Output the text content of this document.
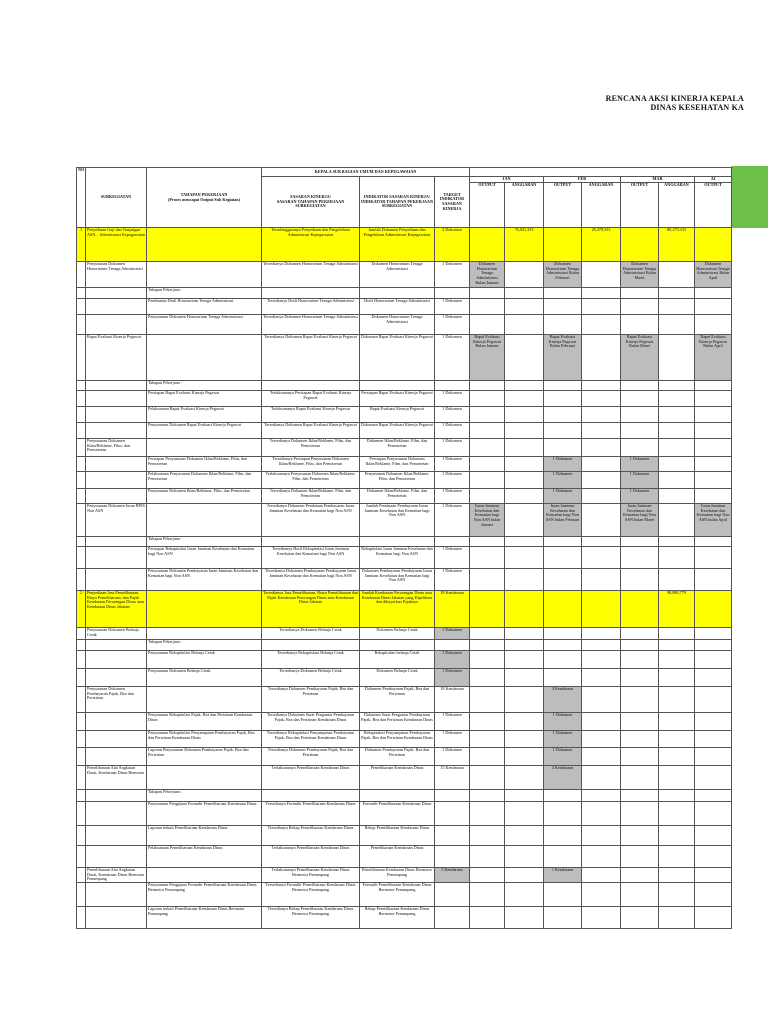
RENCANA AKSI KINERJA KEPALA
DINAS KESEHATAN KA
NO	SUBKEGIATAN	TAHAPAN PEKERJAAN
(Proses mencapai Output Sub Kegiatan)	KEPALA SUB BAGIAN UMUM DAN KEPEGAWAIAN									
			SASARAN KINERJA/
SASARAN TAHAPAN PEKERJAAN SUBKEGIATAN	INDIKATOR SASARAN KINERJA/ INDIKATOR TAHAPAN PEKERJAAN SUBKEGIATAN	TARGET INDIKATOR SASARAN KINERJA	JAN		FEB		MAR		AI
						OUTPUT	ANGGARAN	OUTPUT	ANGGARAN	OUTPUT	ANGGARAN	OUTPUT
1	Penyediaan Gaji dan Tunjangan ASN... Administrasi Kepegawaian		Terselenggaranya Penyediaan dan Pengelolaan Administrasi Kepegawaian	Jumlah Dokumen Penyediaan dan Pengelolaan Administrasi Kepegawaian	4 Dokumen		76,941,333		29,478,333		80,279,333	
	Penyusunan Dokumen Honorarium Tenaga Administrasi		Tersedianya Dokumen Honorarium Tenaga Administrasi	Dokumen Honorarium Tenaga Administrasi	1 Dokumen	Dokumen Honorarium Tenaga Administrasi Bulan Januari		Dokumen Honorarium Tenaga Administrasi Bulan Februari		Dokumen Honorarium Tenaga Administrasi Bulan Maret		Dokumen Honorarium Tenaga Administrasi Bulan April
		Tahapan Pekerjaan :										
		Pembuatan Draft Honorarium Tenaga Administrasi	Tersedianya Draft Honorarium Tenaga Administrasi	Draft Honorarium Tenaga Administrasi	1 Dokumen							
		Penyusunan Dokumen Honorarium Tenaga Administrasi	Tersedianya Dokumen Honorarium Tenaga Administrasi	Dokumen Honorarium Tenaga Administrasi	1 Dokumen							
	Rapat Evaluasi Kinerja Pegawai		Tersedianya Dokumen Rapat Evaluasi Kinerja Pegawai	Dokumen Rapat Evaluasi Kinerja Pegawai	1 Dokumen	Rapat Evaluasi Kinerja Pegawai Bulan Januari		Rapat Evaluasi Kinerja Pegawai Bulan Februari		Rapat Evaluasi Kinerja Pegawai Bulan Maret		Rapat Evaluasi Kinerja Pegawai Bulan April
		Tahapan Pekerjaan :										
		Persiapan Rapat Evaluasi Kinerja Pegawai	Terlaksananya Persiapan Rapat Evaluasi Kinerja Pegawai	Persiapan Rapat Evaluasi Kinerja Pegawai	1 Dokumen							
		Pelaksanaan Rapat Evaluasi Kinerja Pegawai	Terlaksananya Rapat Evaluasi Kinerja Pegawai	Rapat Evaluasi Kinerja Pegawai	1 Dokumen							
		Penyusunan Dokumen Rapat Evaluasi Kinerja Pegawai	Tersedianya Dokumen Rapat Evaluasi Kinerja Pegawai	Dokumen Rapat Evaluasi Kinerja Pegawai	1 Dokumen							
	Penyusunan Dokumen Iklan/Reklame, Film, dan Pemotretan		Tersedianya Dokumen Iklan/Reklame, Film, dan Pemotretan	Dokumen Iklan/Reklame, Film, dan Pemotretan	1 Dokumen							
		Persiapan Penyusunan Dokumen Iklan/Reklame, Film, dan Pemotretan	Tersedianya Persiapan Penyusunan Dokumen Iklan/Reklame, Film, dan Pemotretan	Persiapan Penyusunan Dokumen Iklan/Reklame, Film, dan Pemotretan	1 Dokumen			1 Dokumen		1 Dokumen		
		Pelaksanaan Penyusunan Dokumen Iklan/Reklame, Film, dan Pemotretan	Terlaksananya Penyusunan Dokumen Iklan/Reklame, Film, dan Pemotretan	Penyusunan Dokumen Iklan/Reklame, Film, dan Pemotretan	1 Dokumen			1 Dokumen		1 Dokumen		
		Penyusunan Dokumen Iklan/Reklame, Film, dan Pemotretan	Tersedianya Dokumen Iklan/Reklame, Film, dan Pemotretan	Dokumen Iklan/Reklame, Film, dan Pemotretan	1 Dokumen			1 Dokumen		1 Dokumen		
	Penyusunan Dokumen Iuran BPJS Non ASN		Tersedianya Dokumen Pendataan Pembayaran Iuran Jaminan Kesehatan dan Kematian bagi Non ASN	Jumlah Pendataan Pembayaran Iuran Jaminan Kesehatan dan Kematian bagi Non ASN	1 Dokumen	Iuran Jaminan Kesehatan dan Kematian bagi Non ASN bulan Januari		Iuran Jaminan Kesehatan dan Kematian bagi Non ASN bulan Februari		Iuran Jaminan Kesehatan dan Kematian bagi Non ASN bulan Maret		Iuran Jaminan Kesehatan dan Kematian bagi Non ASN bulan April
		Tahapan Pekerjaan :										
		Persiapan Rekapitulasi Iuran Jaminan Kesehatan dan Kematian bagi Non ASN	Tersedianya Hasil Rekapitulasi Iuran Jaminan Kesehatan dan Kematian bagi Non ASN	Rekapitulasi Iuran Jaminan Kesehatan dan Kematian bagi Non ASN	1 Dokumen							
		Penyusunan Dokumen Pembayaran Iuran Jaminan Kesehatan dan Kematian bagi Non ASN	Tersedianya Dokumen Pembayaran Pembayaran Iuran Jaminan Kesehatan dan Kematian bagi Non ASN	Dokumen Pembayaran Pembayaran Iuran Jaminan Kesehatan dan Kematian bagi Non ASN	1 Dokumen							
2	Penyediaan Jasa Pemeliharaan, Biaya Pemeliharaan, dan Pajak Kendaraan Perorangan Dinas atau Kendaraan Dinas Jabatan		Tersedianya Jasa Pemeliharaan, Biaya Pemeliharaan dan Pajak Kendaraan Perorangan Dinas atau Kendaraan Dinas Jabatan	Jumlah Kendaraan Perorangan Dinas atau Kendaraan Dinas Jabatan yang Dipelihara dan dibayarkan Pajaknya	18 Kendaraan						98,880,779	
	Penyusunan Dokumen Belanja Cetak		Tersedianya Dokumen Belanja Cetak	Dokumen Belanja Cetak	1 Dokumen							
		Tahapan Pekerjaan :										
		Penyusunan Rekapitulasi Belanja Cetak	Tersedianya Rekapitulasi Belanja Cetak	Rekapitulasi belanja Cetak	1 Dokumen							
		Penyusunan Dokumen Belanja Cetak	Tersedianya Dokumen Belanja Cetak	Dokumen Belanja Cetak	1 Dokumen							
	Penyusunan Dokumen Pembayaran Pajak, Bea dan Perizinan		Tersedianya Dokumen Pembayaran Pajak, Bea dan Perizinan	Dokumen Pembayaran Pajak, Bea dan Perizinan	18 Kendaraan			3 Kendaraan				
		Penyusunan Rekapitulasi Pajak, Bea dan Perizinan Kendaraan Dinas	Tersedianya Dokumen Surat Pengantar Pembayaran Pajak, Bea dan Perizinan Kendaraan Dinas	Dokumen Surat Pengantar Pembayaran Pajak, Bea dan Perizinan Kendaraan Dinas	1 Dokumen			1 Dokumen				
		Penyusunan Rekapitulasi Penyampaian Pembayaran Pajak, Bea dan Perizinan Kendaraan Dinas	Tersedianya Rekapitulasi Penyampaian Pembayaran Pajak, Bea dan Perizinan Kendaraan Dinas	Rekapitulasi Penyampaian Pembayaran Pajak, Bea dan Perizinan Kendaraan Dinas	1 Dokumen			1 Dokumen				
		Laporan Penyusunan Dokumen Pembayaran Pajak, Bea dan Perizinan	Tersedianya Dokumen Pembayaran Pajak, Bea dan Perizinan	Dokumen Pembayaran Pajak, Bea dan Perizinan	1 Dokumen			1 Dokumen				
	Pemeliharaan Alat Angkutan Darat, Kendaraan Dinas Bermotor		Terlaksananya Pemeliharaan Kendaraan Dinas	Pemeliharaan Kendaraan Dinas	15 Kendaraan			4 Kendaraan				
		Tahapan Pekerjaan :										
		Penyusunan Pengajuan Formulir Pemeliharaan Kendaraan Dinas	Tersedianya Formulir Pemeliharaan Kendaraan Dinas	Formulir Pemeliharaan Kendaraan Dinas								
		Laporan terkait Pemeliharaan Kendaraan Dinas	Tersedianya Rekap Pemeliharaan Kendaraan Dinas	Rekap Pemeliharaan Kendaraan Dinas								
		Pelaksanaan Pemeliharaan Kendaraan Dinas	Terlaksananya Pemeliharaan Kendaraan Dinas	Pemeliharaan Kendaraan Dinas								
	Pemeliharaan Alat Angkutan Darat, Kendaraan Dinas Bermotor Penumpang		Terlaksananya Pemeliharaan Kendaraan Dinas Bermotor Penumpang	Pemeliharaan Kendaraan Dinas Bermotor Penumpang	5 Kendaraan			1 Kendaraan				
		Penyusunan Pengajuan Formulir Pemeliharaan Kendaraan Dinas Bermotor Penumpang	Tersedianya Formulir Pemeliharaan Kendaraan Dinas Bermotor Penumpang	Formulir Pemeliharaan Kendaraan Dinas Bermotor Penumpang								
		Laporan terkait Pemeliharaan Kendaraan Dinas Bermotor Penumpang	Tersedianya Rekap Pemeliharaan Kendaraan Dinas Bermotor Penumpang	Rekap Pemeliharaan Kendaraan Dinas Bermotor Penumpang								
